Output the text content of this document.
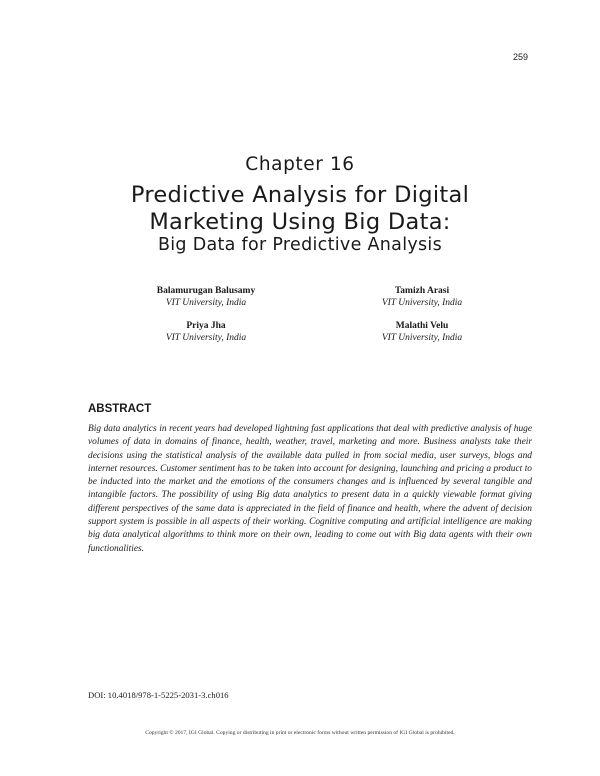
259
Chapter 16
Predictive Analysis for Digital
Marketing Using Big Data:
Big Data for Predictive Analysis
Balamurugan Balusamy
VIT University, India
Tamizh Arasi
VIT University, India
Priya Jha
VIT University, India
Malathi Velu
VIT University, India
ABSTRACT
Big data analytics in recent years had developed lightning fast applications that deal with predictive analysis of huge volumes of data in domains of finance, health, weather, travel, marketing and more. Business analysts take their decisions using the statistical analysis of the available data pulled in from social media, user surveys, blogs and internet resources. Customer sentiment has to be taken into account for designing, launching and pricing a product to be inducted into the market and the emotions of the consumers changes and is influenced by several tangible and intangible factors. The possibility of using Big data analytics to present data in a quickly viewable format giving different perspectives of the same data is appreciated in the field of finance and health, where the advent of decision support system is possible in all aspects of their working. Cognitive computing and artificial intelligence are making big data analytical algorithms to think more on their own, leading to come out with Big data agents with their own functionalities.
DOI: 10.4018/978-1-5225-2031-3.ch016
Copyright © 2017, IGI Global. Copying or distributing in print or electronic forms without written permission of IGI Global is prohibited.
